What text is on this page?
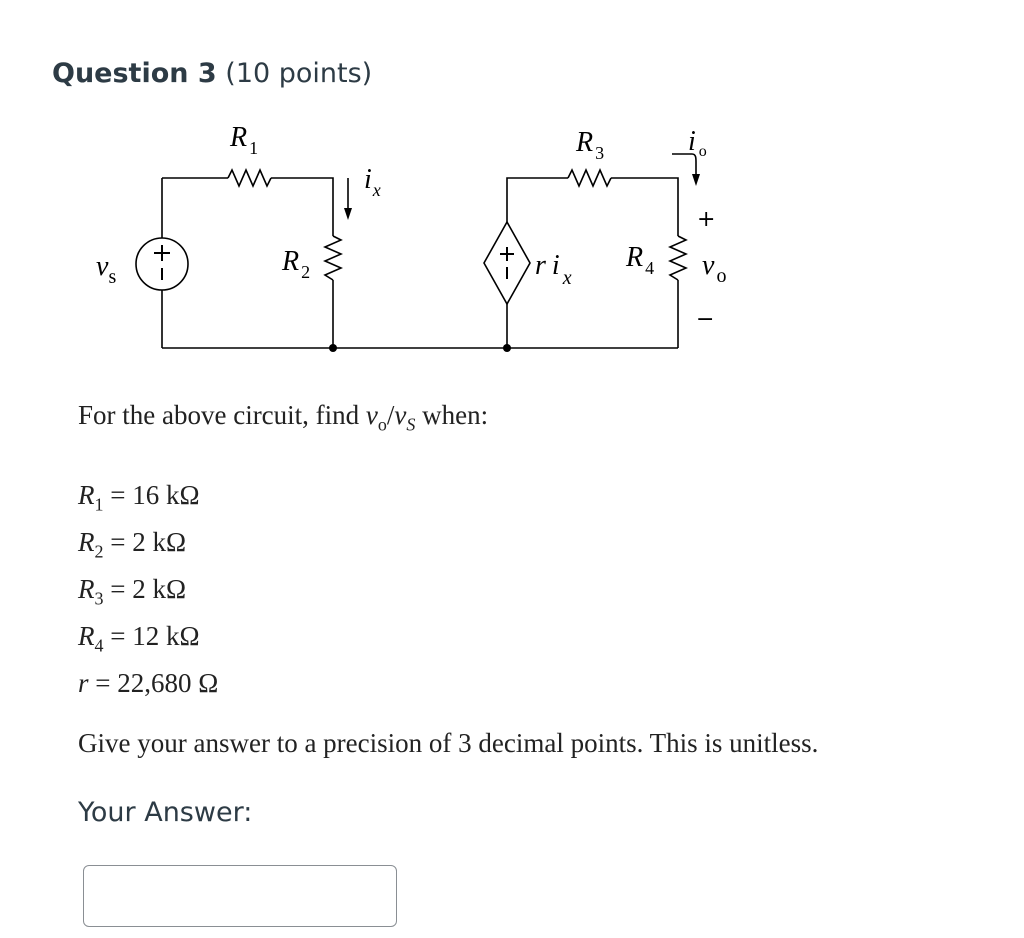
Question 3 (10 points)
$v_s$
R $_1$
R $_2$
R $_3$
R $_4$
$i_x$
i $_o$
r i $_x$	v $_o$
+
−
For the above circuit, find $v_o/v_S$ when:
$R_1 = 16$ kΩ
$R_2 = 2$ kΩ
$R_3 = 2$ kΩ
$R_4 = 12$ kΩ
r = 22,680 Ω
Give your answer to a precision of 3 decimal points. This is unitless.
Your Answer:
